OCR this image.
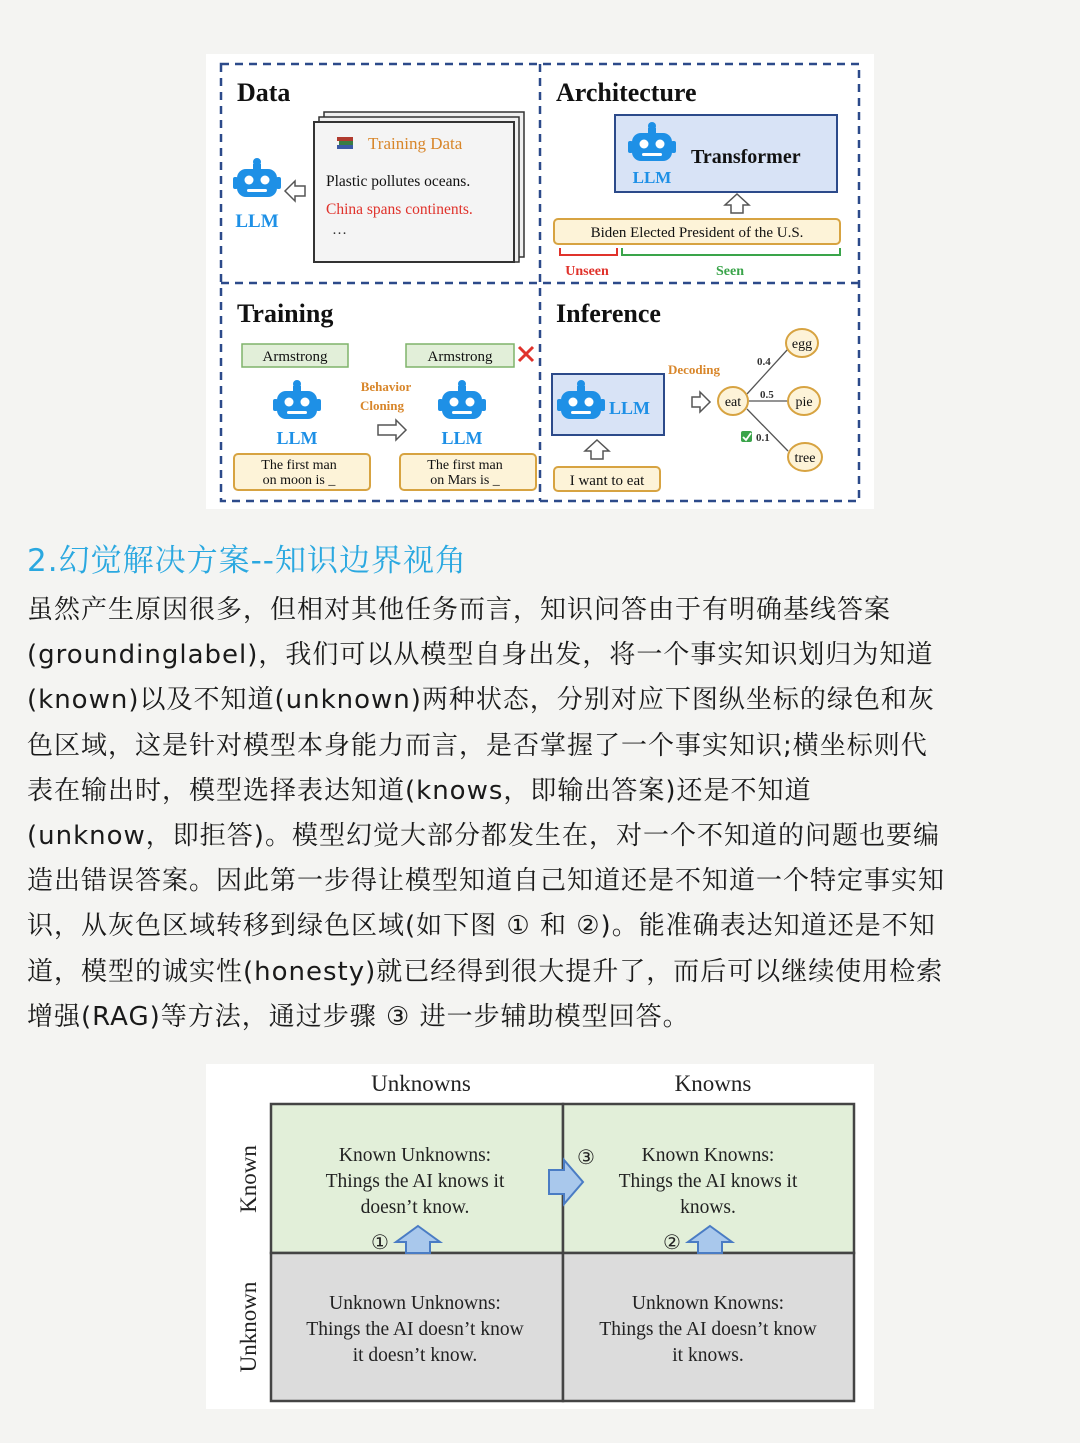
Data
LLM
Training Data
Plastic pollutes oceans.
China spans continents.
…
Architecture
LLM
Transformer
Biden Elected President of the U.S.
Unseen	Seen
Training
Armstrong	Armstrong
Behavior
Cloning
LLM	LLM
The first man
on moon is _
The first man
on Mars is _
Inference
LLM
I want to eat
Decoding
eat
egg
pie
tree
0.4
0.5
0.1
2.幻觉解决方案--知识边界视角
虽然产生原因很多，但相对其他任务而言，知识问答由于有明确基线答案
(groundinglabel)，我们可以从模型自身出发，将一个事实知识划归为知道
(known)以及不知道(unknown)两种状态，分别对应下图纵坐标的绿色和灰
色区域，这是针对模型本身能力而言，是否掌握了一个事实知识;横坐标则代
表在输出时，模型选择表达知道(knows，即输出答案)还是不知道
(unknow，即拒答)。模型幻觉大部分都发生在，对一个不知道的问题也要编
造出错误答案。因此第一步得让模型知道自己知道还是不知道一个特定事实知
识，从灰色区域转移到绿色区域(如下图 ① 和 ②)。能准确表达知道还是不知
道，模型的诚实性(honesty)就已经得到很大提升了，而后可以继续使用检索
增强(RAG)等方法，通过步骤 ③ 进一步辅助模型回答。
Unknowns	Knowns
Known
Unknown
Known Unknowns:
Things the AI knows it
doesn’t know.
Known Knowns:
Things the AI knows it
knows.
Unknown Unknowns:
Things the AI doesn’t know
it doesn’t know.
Unknown Knowns:
Things the AI doesn’t know
it knows.
①	②
③
